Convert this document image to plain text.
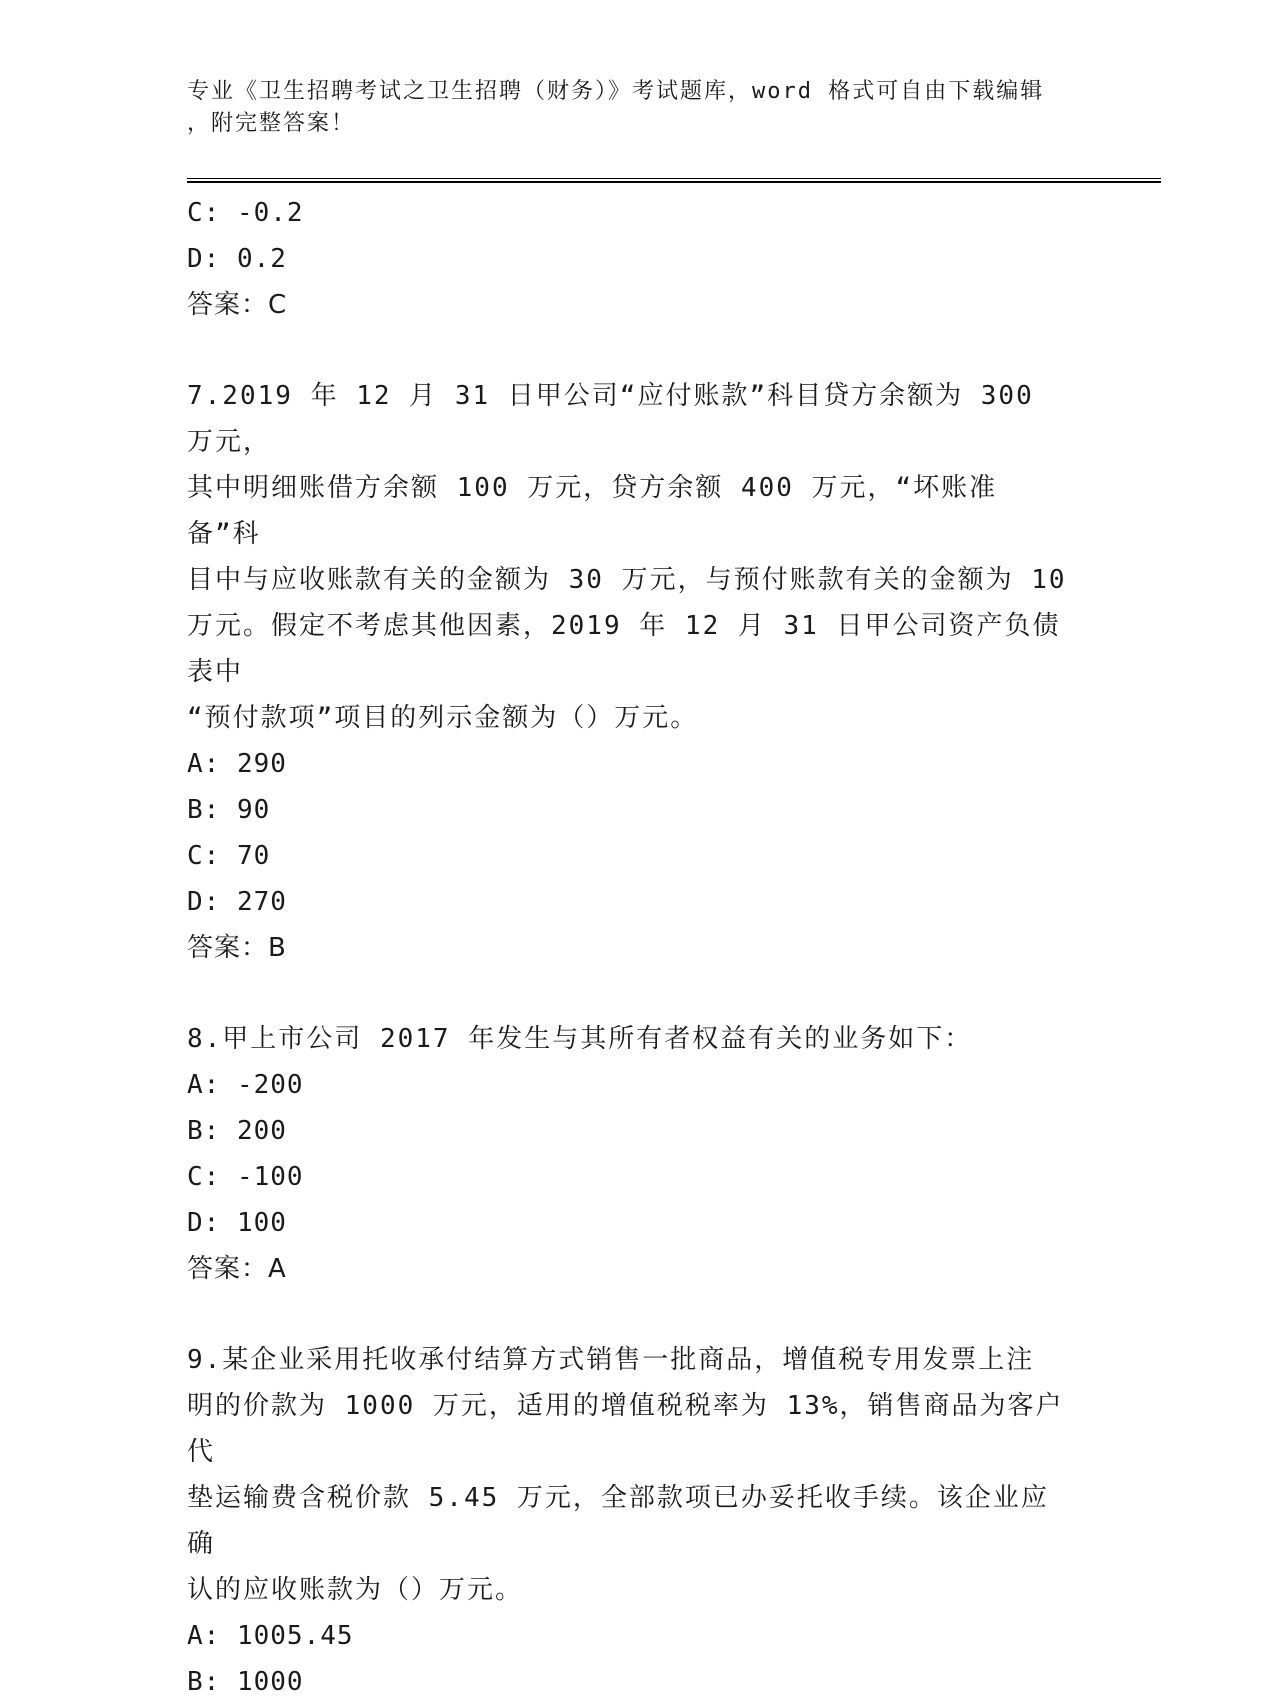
专业《卫生招聘考试之卫生招聘（财务）》考试题库，word 格式可自由下载编辑
，附完整答案！
C: -0.2
D: 0.2
答案：C
7.2019 年 12 月 31 日甲公司“应付账款”科目贷方余额为 300 万元，
其中明细账借方余额 100 万元，贷方余额 400 万元，“坏账准备”科
目中与应收账款有关的金额为 30 万元，与预付账款有关的金额为 10
万元。假定不考虑其他因素，2019 年 12 月 31 日甲公司资产负债表中
“预付款项”项目的列示金额为（）万元。
A: 290
B: 90
C: 70
D: 270
答案：B
8.甲上市公司 2017 年发生与其所有者权益有关的业务如下：
A: -200
B: 200
C: -100
D: 100
答案：A
9.某企业采用托收承付结算方式销售一批商品，增值税专用发票上注
明的价款为 1000 万元，适用的增值税税率为 13%，销售商品为客户代
垫运输费含税价款 5.45 万元，全部款项已办妥托收手续。该企业应确
认的应收账款为（）万元。
A: 1005.45
B: 1000
